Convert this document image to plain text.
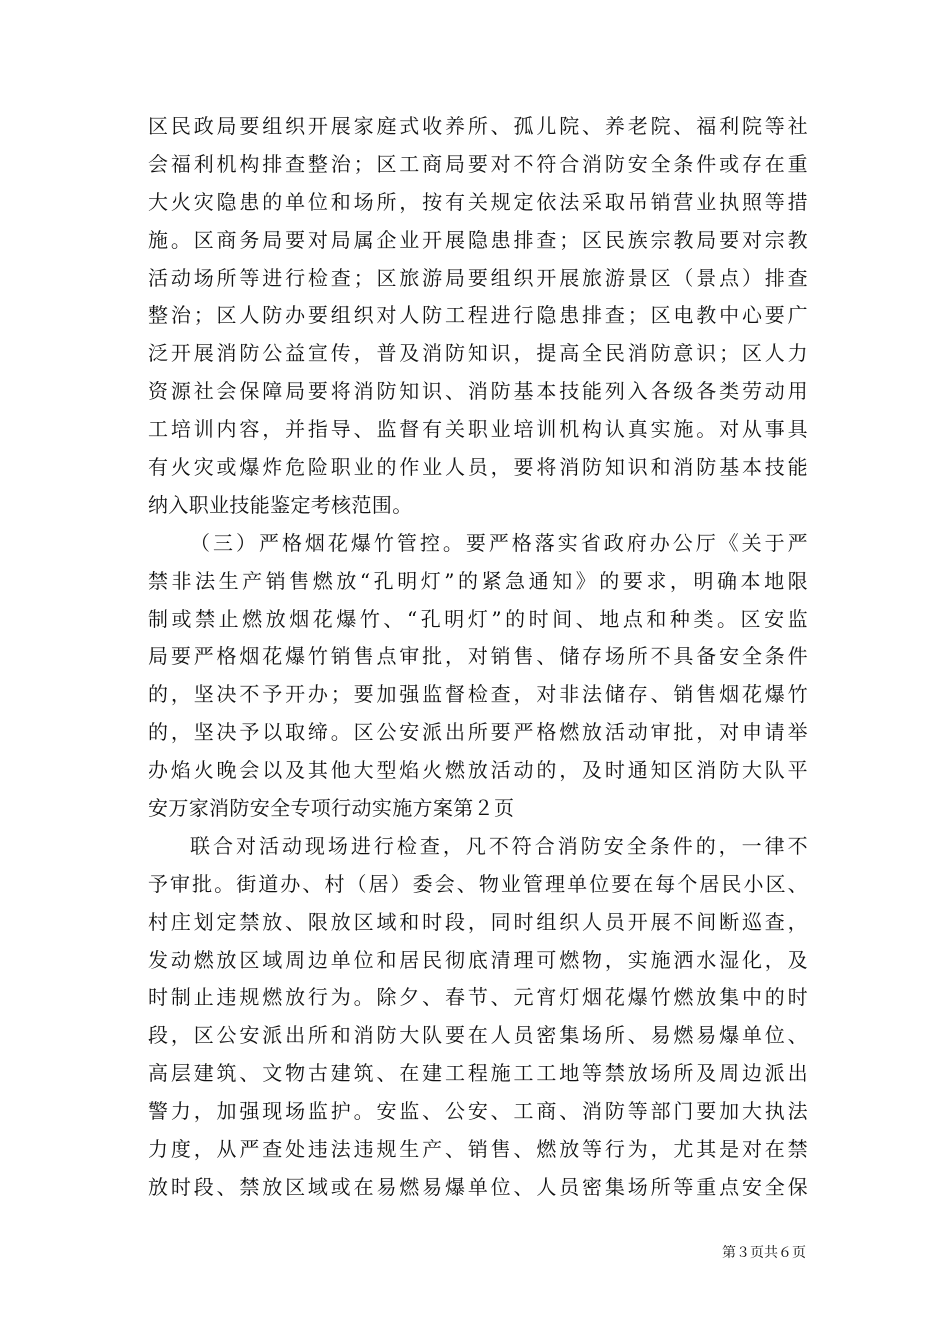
区民政局要组织开展家庭式收养所、孤儿院、养老院、福利院等社
会福利机构排查整治；区工商局要对不符合消防安全条件或存在重
大火灾隐患的单位和场所，按有关规定依法采取吊销营业执照等措
施。区商务局要对局属企业开展隐患排查；区民族宗教局要对宗教
活动场所等进行检查；区旅游局要组织开展旅游景区（景点）排查
整治；区人防办要组织对人防工程进行隐患排查；区电教中心要广
泛开展消防公益宣传，普及消防知识，提高全民消防意识；区人力
资源社会保障局要将消防知识、消防基本技能列入各级各类劳动用
工培训内容，并指导、监督有关职业培训机构认真实施。对从事具
有火灾或爆炸危险职业的作业人员，要将消防知识和消防基本技能
纳入职业技能鉴定考核范围。
（三）严格烟花爆竹管控。要严格落实省政府办公厅《关于严
禁非法生产销售燃放“孔明灯”的紧急通知》的要求，明确本地限
制或禁止燃放烟花爆竹、“孔明灯”的时间、地点和种类。区安监
局要严格烟花爆竹销售点审批，对销售、储存场所不具备安全条件
的，坚决不予开办；要加强监督检查，对非法储存、销售烟花爆竹
的，坚决予以取缔。区公安派出所要严格燃放活动审批，对申请举
办焰火晚会以及其他大型焰火燃放活动的，及时通知区消防大队平
安万家消防安全专项行动实施方案第２页
联合对活动现场进行检查，凡不符合消防安全条件的，一律不
予审批。街道办、村（居）委会、物业管理单位要在每个居民小区、
村庄划定禁放、限放区域和时段，同时组织人员开展不间断巡查，
发动燃放区域周边单位和居民彻底清理可燃物，实施洒水湿化，及
时制止违规燃放行为。除夕、春节、元宵灯烟花爆竹燃放集中的时
段，区公安派出所和消防大队要在人员密集场所、易燃易爆单位、
高层建筑、文物古建筑、在建工程施工工地等禁放场所及周边派出
警力，加强现场监护。安监、公安、工商、消防等部门要加大执法
力度，从严查处违法违规生产、销售、燃放等行为，尤其是对在禁
放时段、禁放区域或在易燃易爆单位、人员密集场所等重点安全保
第３页共６页
